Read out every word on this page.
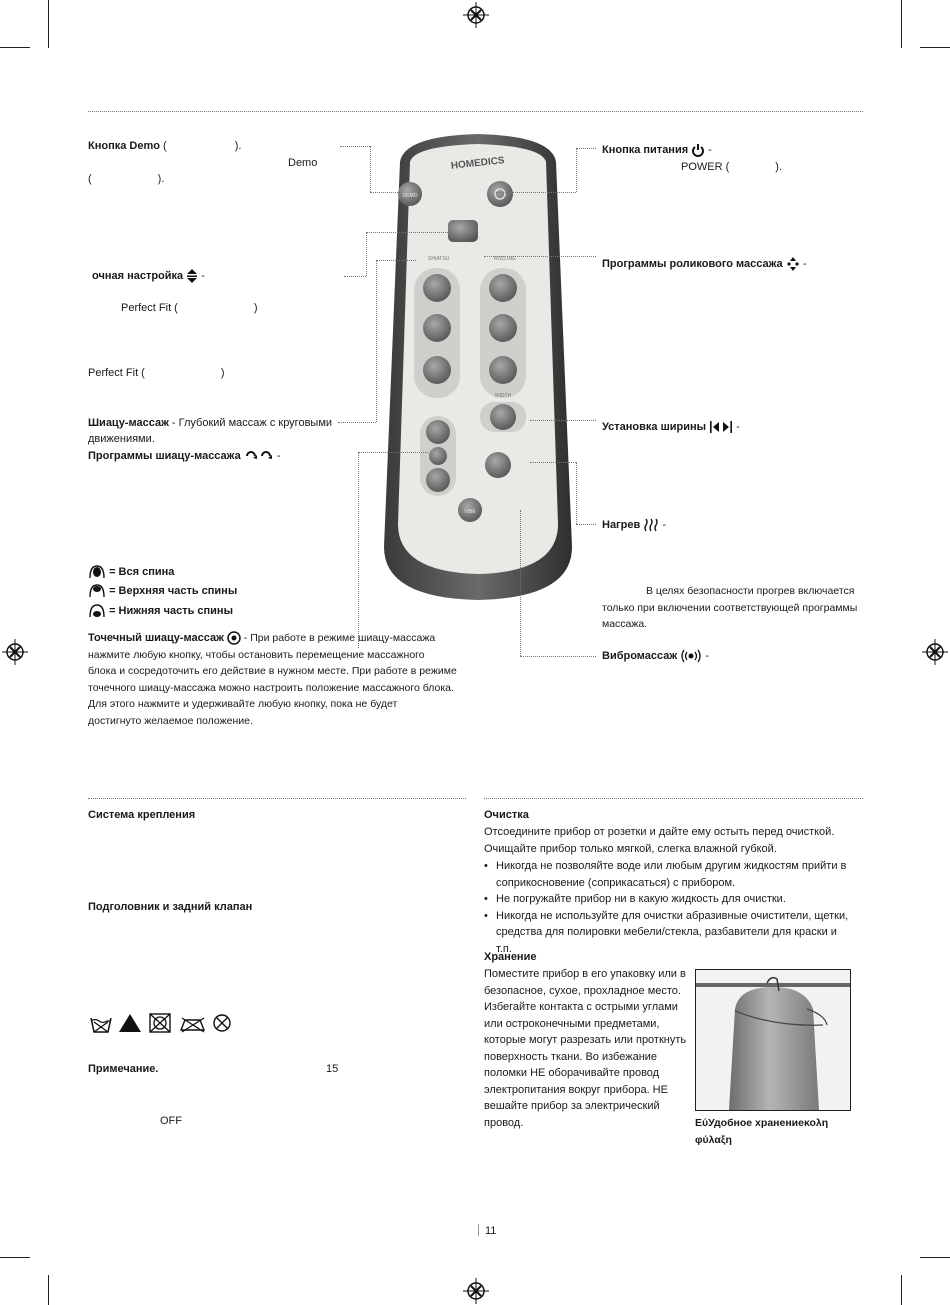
HOMEDICS
DEMO
SHIATSU	ROLLING
WIDTH
VIBE
Кнопка Demo (	).
Demo
(	).
очная настройка -
Perfect Fit (	)
Perfect Fit (	)
Шиацу-массаж - Глубокий массаж с круговыми
движениями.
Программы шиацу-массажа	-
= Вся спина
= Верхняя часть спины
= Нижняя часть спины
Точечный шиацу-массаж  - При работе в режиме шиацу-массажа
нажмите любую кнопку, чтобы остановить перемещение массажного
блока и сосредоточить его действие в нужном месте. При работе в режиме
точечного шиацу-массажа можно настроить положение массажного блока.
Для этого нажмите и удерживайте любую кнопку, пока не будет
достигнуто желаемое положение.
Кнопка питания -
POWER (	).
Программы роликового массажа -
Установка ширины	-
Нагрев -
В целях безопасности прогрев включается
только при включении соответствующей программы
массажа.
Вибромассаж	-
Система крепления
Подголовник и задний клапан
Примечание.	15
OFF
Очистка
Отсоедините прибор от розетки и дайте ему остыть перед очисткой.
Очищайте прибор только мягкой, слегка влажной губкой.
• Никогда не позволяйте воде или любым другим жидкостям прийти в соприкосновение (соприкасаться) с прибором.
• Не погружайте прибор ни в какую жидкость для очистки.
• Никогда не используйте для очистки абразивные очистители, щетки, средства для полировки мебели/стекла, разбавители для краски и т.п.
Хранение
Поместите прибор в его упаковку или в
безопасное, сухое, прохладное место.
Избегайте контакта с острыми углами
или остроконечными предметами,
которые могут разрезать или проткнуть
поверхность ткани. Во избежание
поломки НЕ оборачивайте провод
электропитания вокруг прибора. НЕ
вешайте прибор за электрический
провод.	ΕύУдобное хранениеκολη
φύλαξη
11
